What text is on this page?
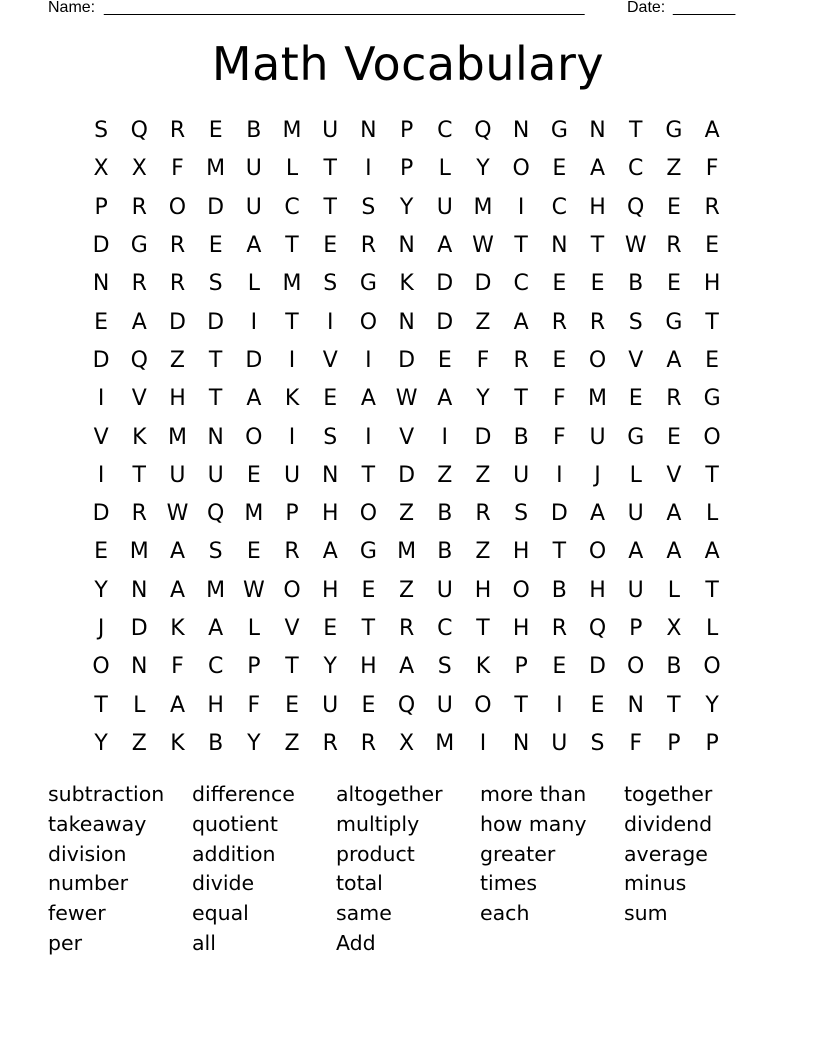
Name: ______________________________________________________	Date: _______
Math Vocabulary
S	Q R	E	B M U N	P	C Q N G N	T	G	A
X	X	F	M U	L	T	I	P	L	Y	O	E	A	C	Z	F
P	R O D U	C	T	S	Y	U M	I	C	H Q	E	R
D G	R	E	A	T	E	R	N	A W T	N	T W R	E
N	R	R	S	L	M S	G	K	D D	C	E	E	B	E	H
E	A	D D	I	T	I	O N D	Z	A	R	R	S	G	T
D Q Z	T	D	I	V	I	D	E	F	R	E	O	V	A	E
I	V	H	T	A	K	E	A W A	Y	T	F	M E	R	G
V	K M N O	I	S	I	V	I	D	B	F	U G	E	O
I	T	U	U	E	U N	T	D	Z	Z	U	I	J	L	V	T
D	R W Q M	P	H O Z	B	R	S	D	A	U	A	L
E M A	S	E	R	A	G M B	Z	H	T	O	A	A	A
Y	N	A M W O H	E	Z	U H O B	H U	L	T
J	D	K	A	L	V	E	T	R	C	T	H	R Q	P	X	L
O N	F	C	P	T	Y	H	A	S	K	P	E	D O B O
T	L	A	H	F	E	U	E	Q U O	T	I	E	N	T	Y
Y	Z	K	B	Y	Z	R	R	X M	I	N U	S	F	P	P
subtraction	difference	altogether	more than	together
takeaway	quotient	multiply	how many	dividend
division	addition	product	greater	average
number	divide	total	times	minus
fewer	equal	same	each	sum
per	all	Add
